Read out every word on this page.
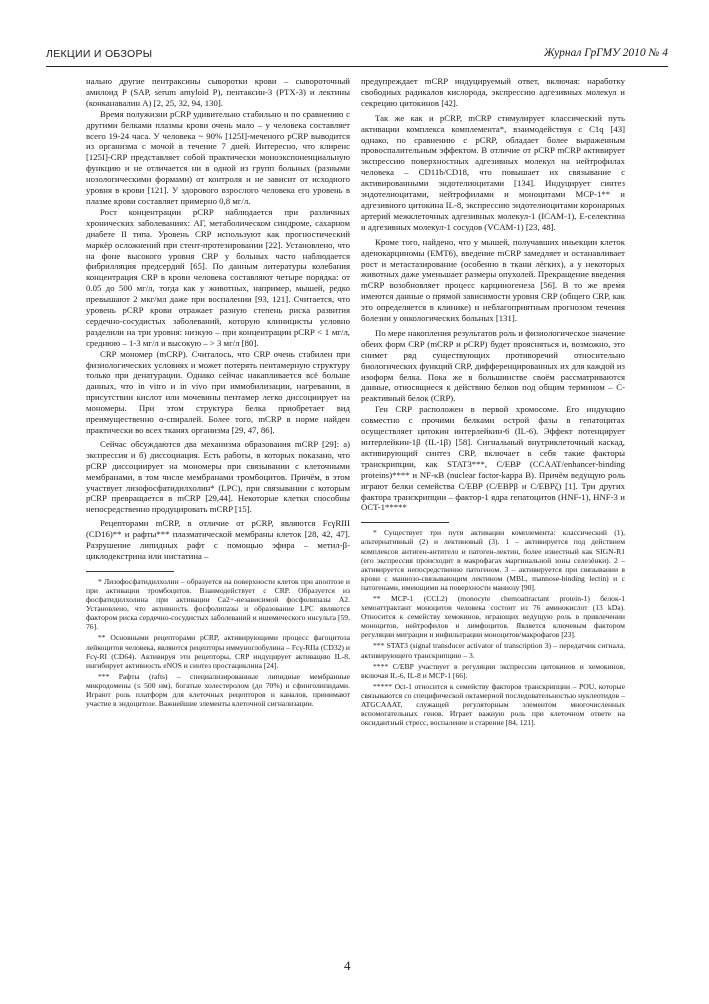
ЛЕКЦИИ И ОБЗОРЫ	Журнал ГрГМУ 2010 № 4

нально другие пентраксины сыворотки крови – сывороточный амилоид P (SAP, serum amyloid P), пентаксин-3 (PTX-3) и лектины (конканавалин А) [2, 25, 32, 94, 130].

Время полужизни pCRP удивительно стабильно и по сравнению с другими белками плазмы крови очень мало – у человека составляет всего 19-24 часа. У человека ~ 90% [125I]-меченого pCRP выводится из организма с мочой в течение 7 дней. Интересно, что клиренс [125I]-CRP представляет собой практически моноэкспоненциальную функцию и не отличается ни в одной из групп больных (разными нозологическими формами) от контроля и не зависит от исходного уровня в крови [121]. У здорового взрослого человека его уровень в плазме крови составляет примерно 0,8 мг/л.

Рост концентрации pCRP наблюдается при различных хронических заболеваниях: АГ, метаболическом синдроме, сахарном диабете II типа. Уровень CRP используют как прогностический маркёр осложнений при стент-протезировании [22]. Установлено, что на фоне высокого уровня CRP у больных часто наблюдается фибрилляция предсердий [65]. По данным литературы колебания концентрация CRP в крови человека составляют четыре порядка: от 0.05 до 500 мг/л, тогда как у животных, например, мышей, редко превышают 2 мкг/мл даже при воспалении [93, 121]. Считается, что уровень pCRP крови отражает разную степень риска развития сердечно-сосудистых заболеваний, которую клиницисты условно разделили на три уровня: низкую – при концентрации pCRP < 1 мг/л, среднюю – 1-3 мг/л и высокую – > 3 мг/л [80].

CRP мономер (mCRP). Считалось, что CRP очень стабилен при физиологических условиях и может потерять пентамерную структуру только при денатурации. Однако сейчас накапливается всё больше данных, что in vitro и in vivo при иммобилизации, нагревании, в присутствии кислот или мочевины пентамер легко диссоциирует на мономеры. При этом структура белка приобретает вид преимущественно α-спиралей. Более того, mCRP в норме найден практически во всех тканях организма [29, 47, 86].

Сейчас обсуждаются два механизма образования mCRP [29]: а) экспрессия и б) диссоциация. Есть работы, в которых показано, что pCRP диссоциирует на мономеры при связывании с клеточными мембранами, в том числе мембранами тромбоцитов. Причём, в этом участвует лизофосфатидилхолин* (LPC), при связывании с которым pCRP превращается в mCRP [29,44]. Некоторые клетки способны непосредственно продуцировать mCRP [15].

Рецепторами mCRP, в отличие от pCRP, являются FcγRIII (CD16)** и рафты*** плазматической мембраны клеток [28, 42, 47]. Разрушение липидных рафт с помощью эфира – метил-β-циклодекстрина или нистатина –

* Лизофосфатидилхолин – образуется на поверхности клеток при апоптозе и при активации тромбоцитов. Взаимодействует с CRP. Образуется из фосфатидилхолина при активации Ca2+-независимой фосфолипазы A2. Установлено, что активность фосфолипазы и образование LPC являются фактором риска сердечно-сосудистых заболеваний и ишемического инсульта [59, 76].

** Основными рецепторами pCRP, активирующими процесс фагоцитоза лейкоцитов человека, являются рецепторы иммуноглобулина – Fcγ-RIIa (CD32) и Fcγ-RI (CD64). Активируя эти рецепторы, CRP индуцирует активацию IL-8, ингибирует активность eNOS и синтез простациклина [24].

*** Рафты (rafts) – специализированные липидные мембранные микродомены (≤ 500 нм), богатые холестеролом (до 70%) и сфинголипидами. Играют роль платформ для клеточных рецепторов и каналов, принимают участие в эндоцитозе. Важнейшие элементы клеточной сигнализации.

предупреждает mCRP индуцируемый ответ, включая: наработку свободных радикалов кислорода, экспрессию адгезивных молекул и секрецию цитокинов [42].

Так же как и pCRP, mCRP стимулирует классический путь активации комплекса комплемента*, взаимодействуя с C1q [43] однако, по сравнению с pCRP, обладает более выраженным провоспалительным эффектом. В отличие от pCRP mCRP активирует экспрессию поверхностных адгезивных молекул на нейтрофилах человека – CD11b/CD18, что повышает их связывание с активированными эндотелиоцитами [134]. Индуцирует синтез эндотелиоцитами, нейтрофилами и моноцитами MCP-1** и адгезивного цитокина IL-8, экспрессию эндотелиоцитами коронарных артерий межклеточных адгезивных молекул-1 (ICAM-1), E-селектина и адгезивных молекул-1 сосудов (VCAM-1) [23, 48].

Кроме того, найдено, что у мышей, получавших иньекции клеток аденокарциномы (EMT6), введение mCRP замедляет и останавливает рост и метастазирование (особенно в ткани лёгких), а у некоторых животных даже уменьшает размеры опухолей. Прекращение введения mCRP возобновляет процесс карциногенеза [56]. В то же время имеются данные о прямой зависимости уровня CRP (общего CRP, как это определяется в клинике) и неблагоприятным прогнозом течения болезни у онкологических больных [131].

По мере накопления результатов роль и физиологическое значение обеих форм CRP (mCRP и pCRP) будет проясняться и, возможно, это снимет ряд существующих противоречий относительно биологических функций CRP, дифференцированных их для каждой из изоформ белка. Пока же в большинстве своём рассматриваются данные, относящиеся к действию белков под общим термином – C-реактивный белок (CRP).

Ген CRP расположен в первой хромосоме. Его индукцию совместно с прочими белками острой фазы в гепатоцитах осуществляет цитокин интерлейкин-6 (IL-6). Эффект потенцирует интерлейкин-1β (IL-1β) [58]. Сигнальный внутриклеточный каскад, активирующий синтез CRP, включает в себя такие факторы транскрипции, как STAT3***, C/EBP (CCAAT/enhancer-binding proteins)**** и NF-κB (nuclear factor-kappa B). Причём ведущую роль играют белки семейства C/EBP (C/EBPβ и C/EBPζ) [1]. Три других фактора транскрипции – фактор-1 ядра гепатоцитов (HNF-1), HNF-3 и OCT-1*****

* Существует три пути активации комплемента: классический (1), альтернативный (2) и лектиновый (3). 1 – активируется под действием комплексов антиген-антитело и патоген-лектин, более известный как SIGN-R1 (его экспрессия происходит в макрофагах маргинальной зоны селезёнки). 2 – активируется непосредственно патогеном. 3 – активируется при связывании в крови с маннозо-связывающим лектином (MBL, mannose-binding lectin) и с патогенами, имеющими на поверхности маннозу [90].

** MCP-1 (CCL2) (monocyte chemoattractant protein-1) белок-1 хемоаттрактант моноцитов человека состоит из 76 аминокислот (13 kDa). Относится к семейству хемокинов, играющих ведущую роль в привлечении моноцитов, нейтрофилов и лимфоцитов. Является ключевым фактором регуляции миграции и инфильтрации моноцитов/макрофагов [23].

*** STAT3 (signal transducer activator of transcription 3) – передатчик сигнала, активирующего транскрипцию – 3.

**** C/EBP участвует в регуляции экспрессии цитокинов и хемокинов, включая IL-6, IL-8 и MCP-1 [66].

***** Oct-1 относится к семейству факторов транскрипции – POU, которые связываются со специфической октамерной последовательностью нуклеотидов – ATGCAAAT, служащей регуляторным элементом многочисленных вспомогательных генов. Играет важную роль при клеточном ответе на оксидантный стресс, воспаление и старение [84, 121].

4
